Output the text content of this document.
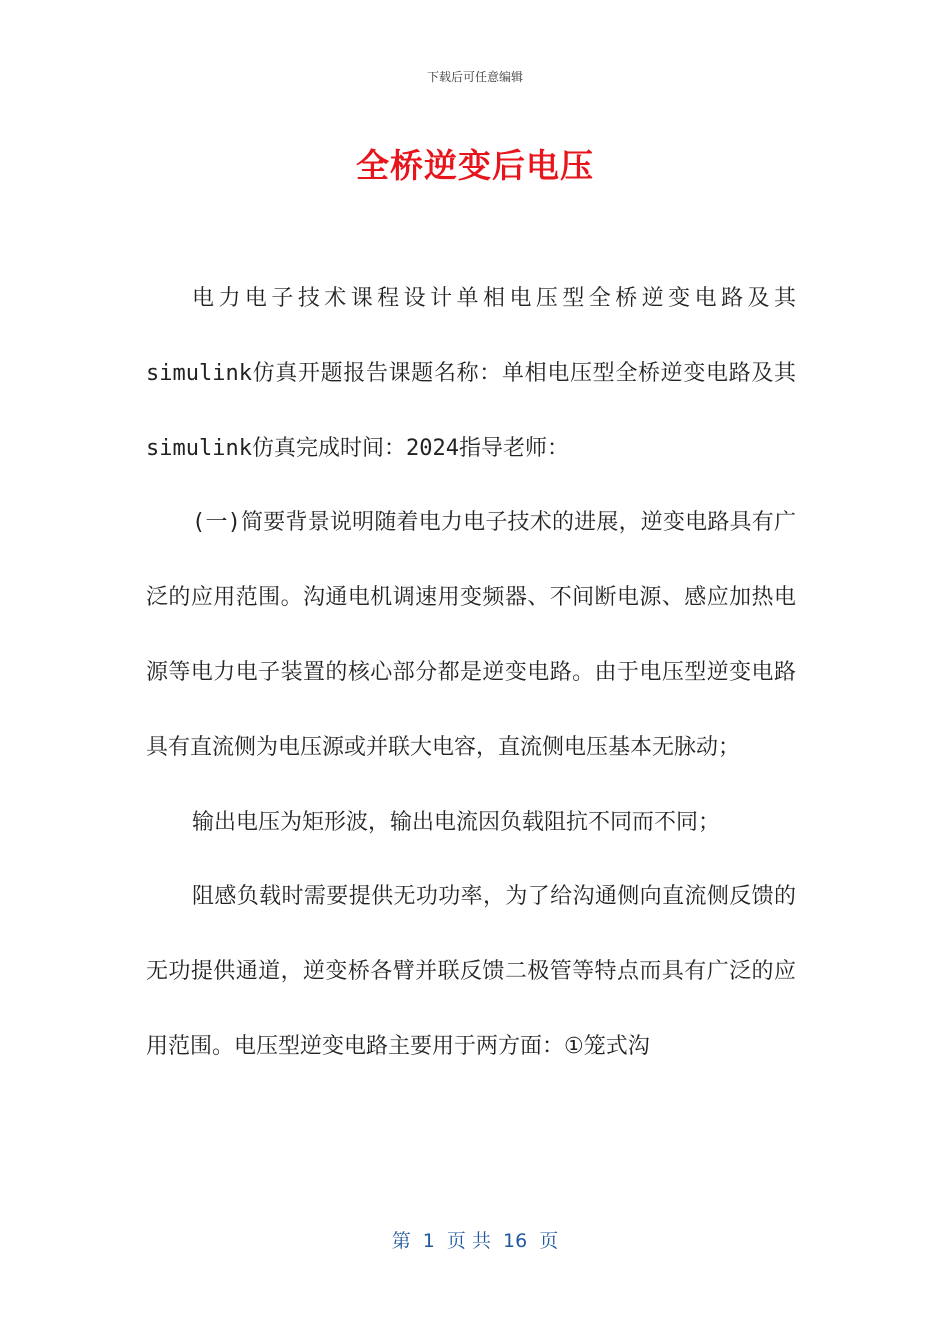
下载后可任意编辑
全桥逆变后电压

电力电子技术课程设计单相电压型全桥逆变电路及其simulink仿真开题报告课题名称：单相电压型全桥逆变电路及其simulink仿真完成时间：2024指导老师：

(一)简要背景说明随着电力电子技术的进展，逆变电路具有广泛的应用范围。沟通电机调速用变频器、不间断电源、感应加热电源等电力电子装置的核心部分都是逆变电路。由于电压型逆变电路具有直流侧为电压源或并联大电容，直流侧电压基本无脉动；

输出电压为矩形波，输出电流因负载阻抗不同而不同；

阻感负载时需要提供无功功率，为了给沟通侧向直流侧反馈的无功提供通道，逆变桥各臂并联反馈二极管等特点而具有广泛的应用范围。电压型逆变电路主要用于两方面：①笼式沟

第  1  页 共  16  页
